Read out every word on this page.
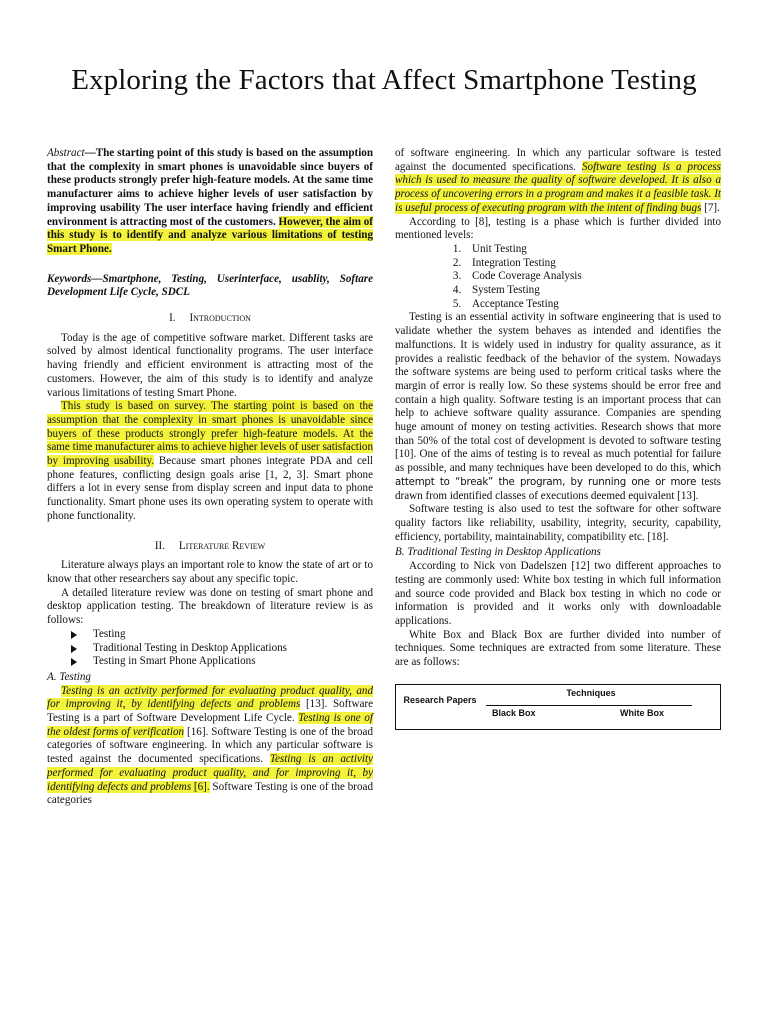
Exploring the Factors that Affect Smartphone Testing

Abstract—The starting point of this study is based on the assumption that the complexity in smart phones is unavoidable since buyers of these products strongly prefer high-feature models. At the same time manufacturer aims to achieve higher levels of user satisfaction by improving usability The user interface having friendly and efficient environment is attracting most of the customers. However, the aim of this study is to identify and analyze various limitations of testing Smart Phone.

Keywords—Smartphone, Testing, Userinterface, usablity, Softare Development Life Cycle, SDCL

I. Introduction

Today is the age of competitive software market. Different tasks are solved by almost identical functionality programs. The user interface having friendly and efficient environment is attracting most of the customers. However, the aim of this study is to identify and analyze various limitations of testing Smart Phone.

This study is based on survey. The starting point is based on the assumption that the complexity in smart phones is unavoidable since buyers of these products strongly prefer high-feature models. At the same time manufacturer aims to achieve higher levels of user satisfaction by improving usability. Because smart phones integrate PDA and cell phone features, conflicting design goals arise [1, 2, 3]. Smart phone differs a lot in every sense from display screen and input data to phone functionality. Smart phone uses its own operating system to operate with phone functionality.

II. Literature Review

Literature always plays an important role to know the state of art or to know that other researchers say about any specific topic.

A detailed literature review was done on testing of smart phone and desktop application testing. The breakdown of literature review is as follows:

Testing
Traditional Testing in Desktop Applications
Testing in Smart Phone Applications

A. Testing

Testing is an activity performed for evaluating product quality, and for improving it, by identifying defects and problems [13]. Software Testing is a part of Software Development Life Cycle. Testing is one of the oldest forms of verification [16]. Software Testing is one of the broad categories of software engineering. In which any particular software is tested against the documented specifications. Testing is an activity performed for evaluating product quality, and for improving it, by identifying defects and problems [6]. Software Testing is one of the broad categories

of software engineering. In which any particular software is tested against the documented specifications. Software testing is a process which is used to measure the quality of software developed. It is also a process of uncovering errors in a program and makes it a feasible task. It is useful process of executing program with the intent of finding bugs [7].

According to [8], testing is a phase which is further divided into mentioned levels:

1. Unit Testing
2. Integration Testing
3. Code Coverage Analysis
4. System Testing
5. Acceptance Testing

Testing is an essential activity in software engineering that is used to validate whether the system behaves as intended and identifies the malfunctions. It is widely used in industry for quality assurance, as it provides a realistic feedback of the behavior of the system. Nowadays the software systems are being used to perform critical tasks where the margin of error is really low. So these systems should be error free and contain a high quality. Software testing is an important process that can help to achieve software quality assurance. Companies are spending huge amount of money on testing activities. Research shows that more than 50% of the total cost of development is devoted to software testing [10]. One of the aims of testing is to reveal as much potential for failure as possible, and many techniques have been developed to do this, which attempt to “break” the program, by running one or more tests drawn from identified classes of executions deemed equivalent [13].

Software testing is also used to test the software for other software quality factors like reliability, usability, integrity, security, capability, efficiency, portability, maintainability, compatibility etc. [18].

B. Traditional Testing in Desktop Applications

According to Nick von Dadelszen [12] two different approaches to testing are commonly used: White box testing in which full information and source code provided and Black box testing in which no code or information is provided and it works only with downloadable applications.

White Box and Black Box are further divided into number of techniques. Some techniques are extracted from some literature. These are as follows:

Research Papers
Techniques
Black Box	White Box
